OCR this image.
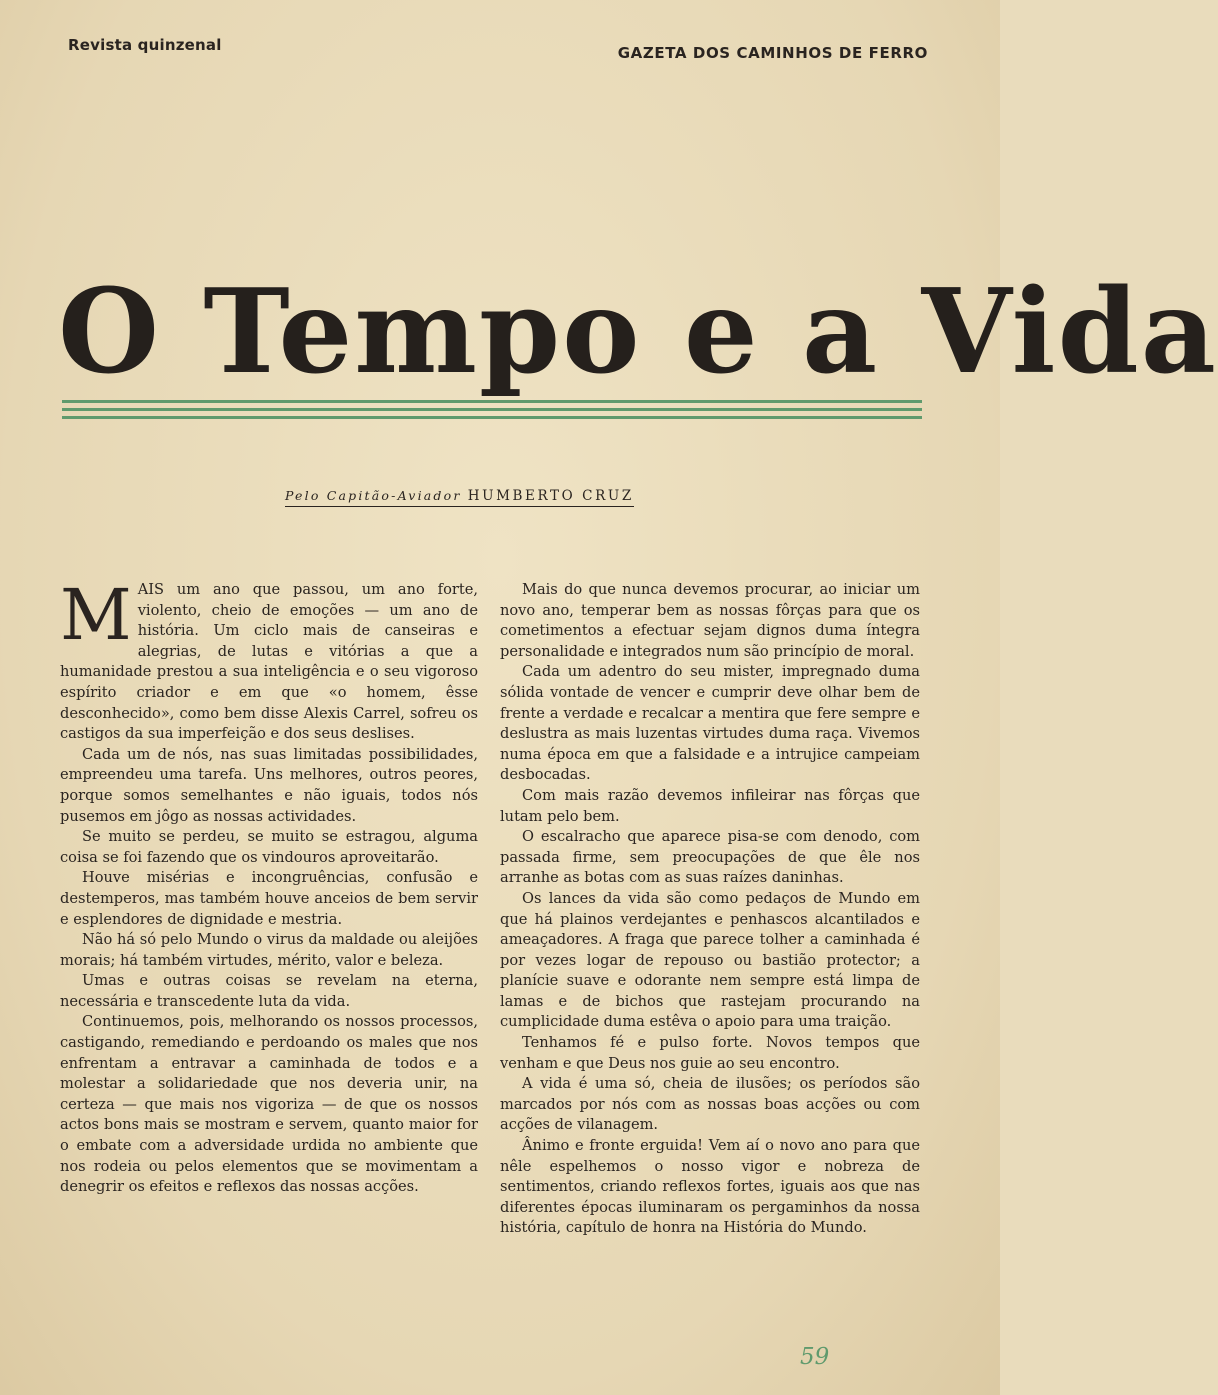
Revista quinzenal	GAZETA DOS CAMINHOS DE FERRO
O Tempo e a Vida
Pelo Capitão-Aviador HUMBERTO CRUZ

MAIS um ano que passou, um ano forte, violento, cheio de emoções — um ano de história. Um ciclo mais de canseiras e alegrias, de lutas e vitórias a que a humanidade prestou a sua inteligência e o seu vigoroso espírito criador e em que «o homem, êsse desconhecido», como bem disse Alexis Carrel, sofreu os castigos da sua imperfeição e dos seus deslises.

Cada um de nós, nas suas limitadas possibilidades, empreendeu uma tarefa. Uns melhores, outros peores, porque somos semelhantes e não iguais, todos nós pusemos em jôgo as nossas actividades.

Se muito se perdeu, se muito se estragou, alguma coisa se foi fazendo que os vindouros aproveitarão.

Houve misérias e incongruências, confusão e destemperos, mas também houve anceios de bem servir e esplendores de dignidade e mestria.

Não há só pelo Mundo o virus da maldade ou aleijões morais; há também virtudes, mérito, valor e beleza.

Umas e outras coisas se revelam na eterna, necessária e transcedente luta da vida.

Continuemos, pois, melhorando os nossos processos, castigando, remediando e perdoando os males que nos enfrentam a entravar a caminhada de todos e a molestar a solidariedade que nos deveria unir, na certeza — que mais nos vigoriza — de que os nossos actos bons mais se mostram e servem, quanto maior for o embate com a adversidade urdida no ambiente que nos rodeia ou pelos elementos que se movimentam a denegrir os efeitos e reflexos das nossas acções.

Mais do que nunca devemos procurar, ao iniciar um novo ano, temperar bem as nossas fôrças para que os cometimentos a efectuar sejam dignos duma íntegra personalidade e integrados num são princípio de moral.

Cada um adentro do seu mister, impregnado duma sólida vontade de vencer e cumprir deve olhar bem de frente a verdade e recalcar a mentira que fere sempre e deslustra as mais luzentas virtudes duma raça. Vivemos numa época em que a falsidade e a intrujice campeiam desbocadas.

Com mais razão devemos infileirar nas fôrças que lutam pelo bem.

O escalracho que aparece pisa-se com denodo, com passada firme, sem preocupações de que êle nos arranhe as botas com as suas raízes daninhas.

Os lances da vida são como pedaços de Mundo em que há plainos verdejantes e penhascos alcantilados e ameaçadores. A fraga que parece tolher a caminhada é por vezes logar de repouso ou bastião protector; a planície suave e odorante nem sempre está limpa de lamas e de bichos que rastejam procurando na cumplicidade duma estêva o apoio para uma traição.

Tenhamos fé e pulso forte. Novos tempos que venham e que Deus nos guie ao seu encontro.

A vida é uma só, cheia de ilusões; os períodos são marcados por nós com as nossas boas acções ou com acções de vilanagem.

Ânimo e fronte erguida! Vem aí o novo ano para que nêle espelhemos o nosso vigor e nobreza de sentimentos, criando reflexos fortes, iguais aos que nas diferentes épocas iluminaram os pergaminhos da nossa história, capítulo de honra na História do Mundo.

59
